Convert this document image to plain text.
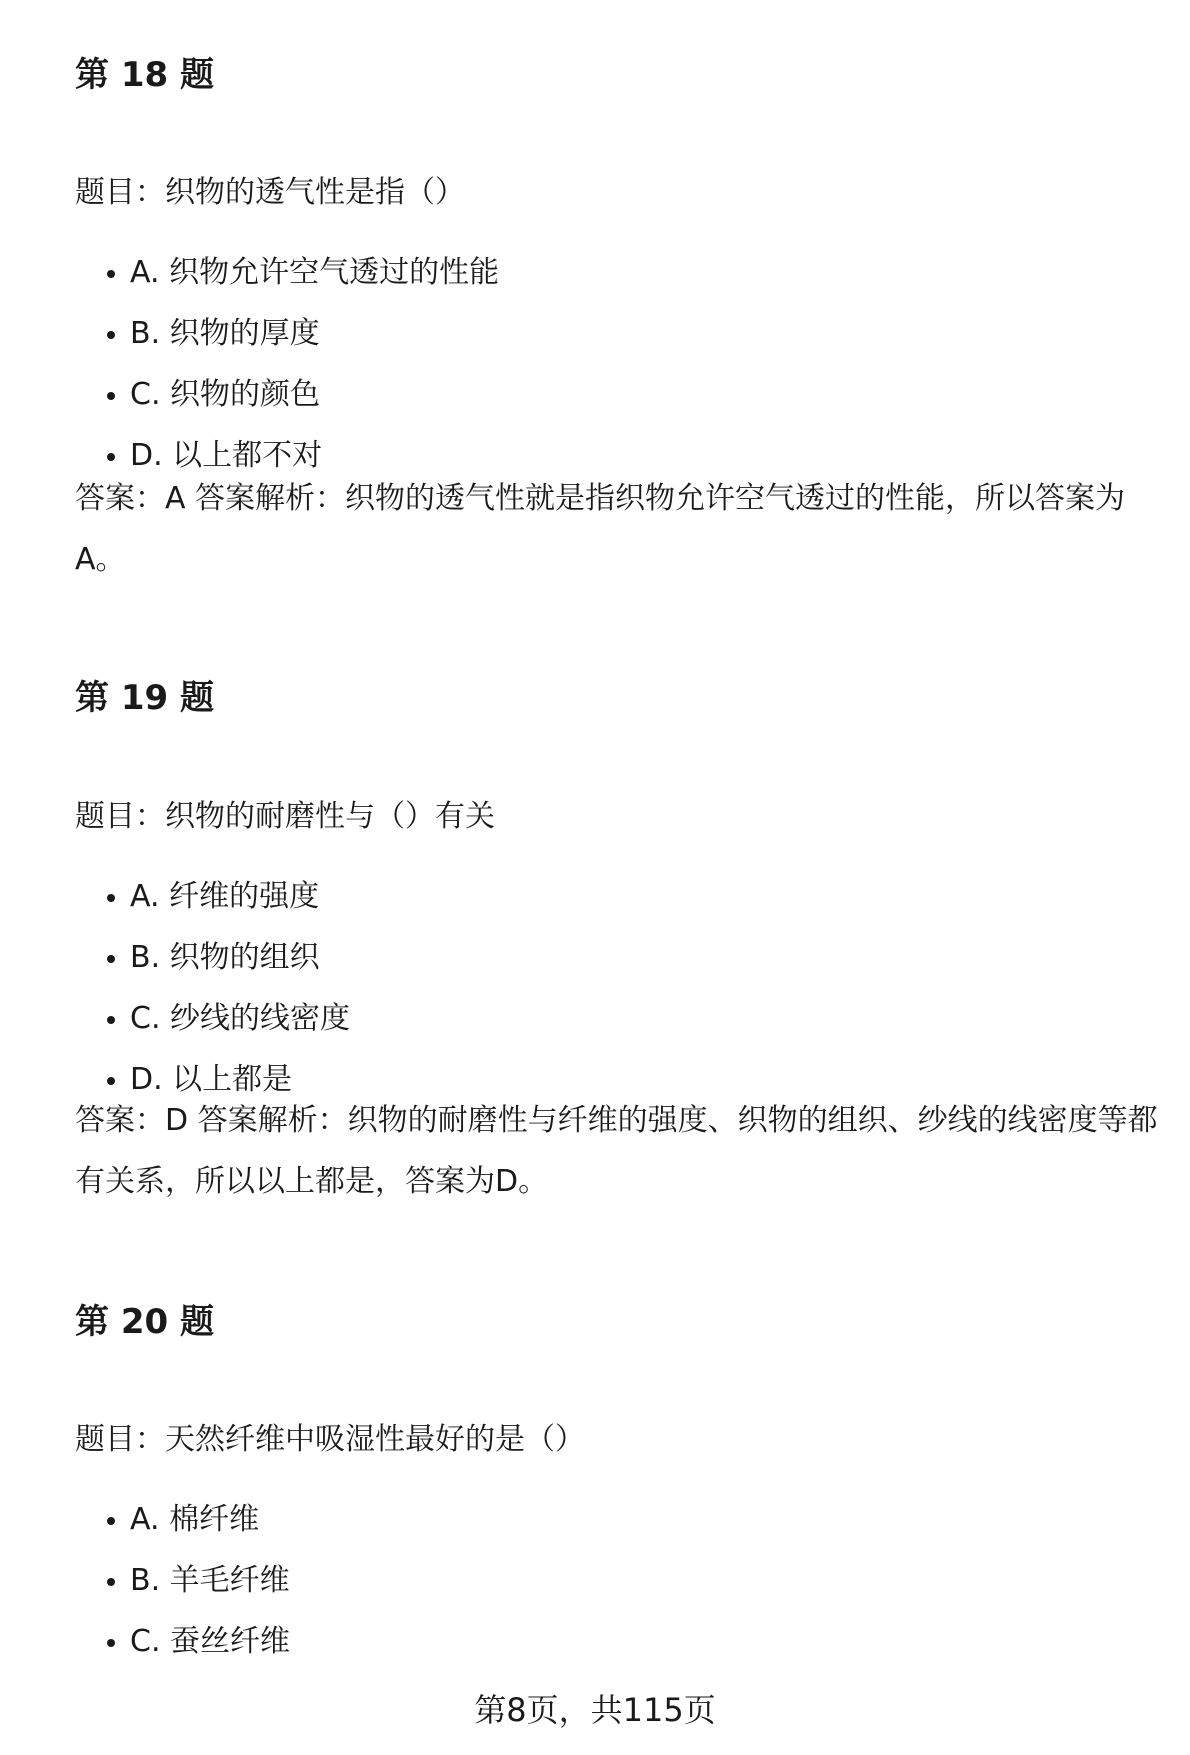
第 18 题

题目：织物的透气性是指（）

A. 织物允许空气透过的性能
B. 织物的厚度
C. 织物的颜色
D. 以上都不对

答案：A 答案解析：织物的透气性就是指织物允许空气透过的性能，所以答案为A。

第 19 题

题目：织物的耐磨性与（）有关

A. 纤维的强度
B. 织物的组织
C. 纱线的线密度
D. 以上都是

答案：D 答案解析：织物的耐磨性与纤维的强度、织物的组织、纱线的线密度等都有关系，所以以上都是，答案为D。

第 20 题

题目：天然纤维中吸湿性最好的是（）

A. 棉纤维
B. 羊毛纤维
C. 蚕丝纤维
第8页，共115页
